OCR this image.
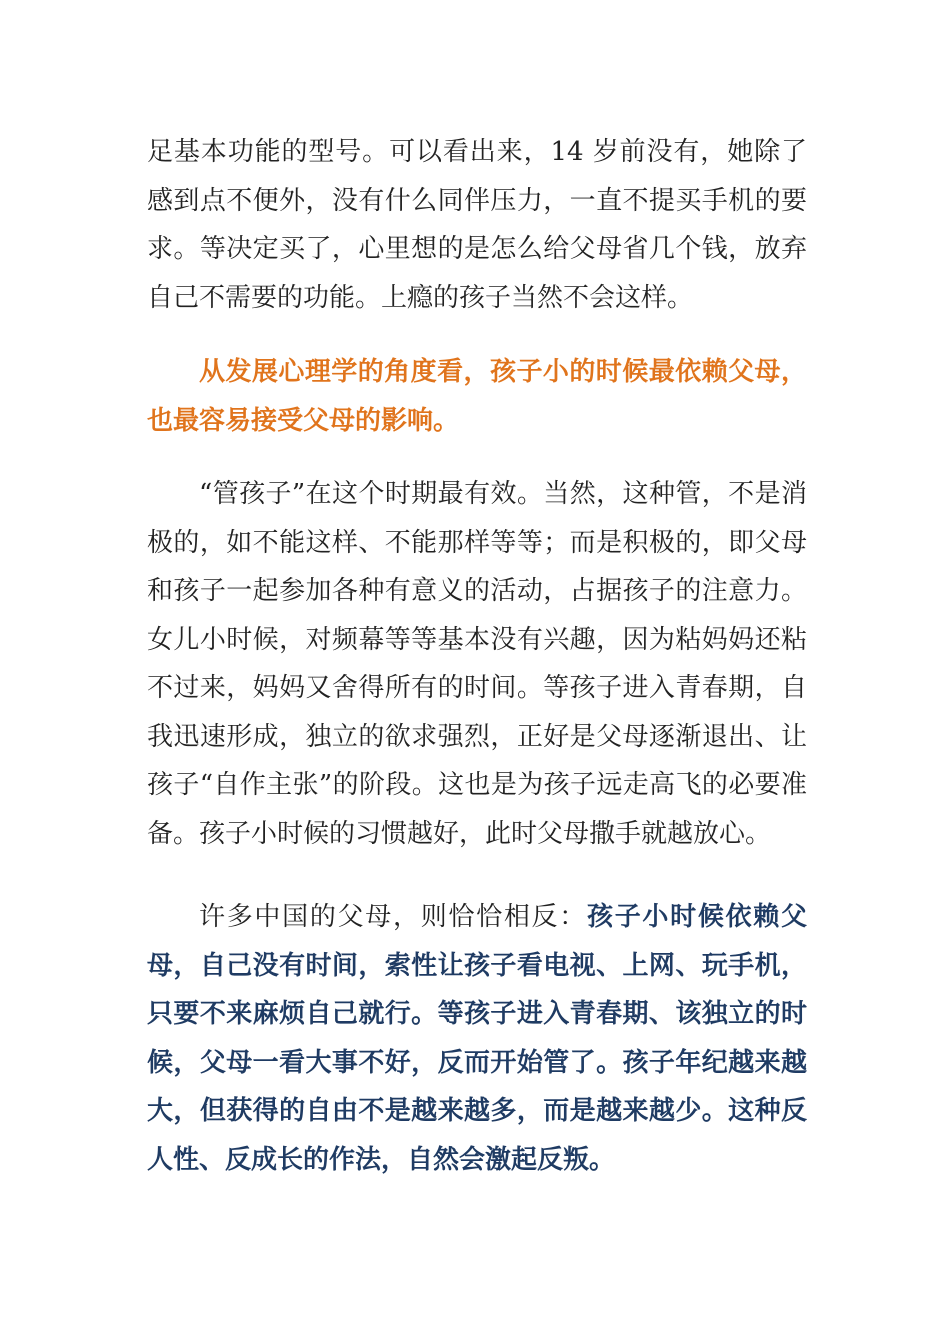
足基本功能的型号。可以看出来，14 岁前没有，她除了感到点不便外，没有什么同伴压力，一直不提买手机的要求。等决定买了，心里想的是怎么给父母省几个钱，放弃自己不需要的功能。上瘾的孩子当然不会这样。

从发展心理学的角度看，孩子小的时候最依赖父母，也最容易接受父母的影响。

“管孩子”在这个时期最有效。当然，这种管，不是消极的，如不能这样、不能那样等等；而是积极的，即父母和孩子一起参加各种有意义的活动，占据孩子的注意力。女儿小时候，对频幕等等基本没有兴趣，因为粘妈妈还粘不过来，妈妈又舍得所有的时间。等孩子进入青春期，自我迅速形成，独立的欲求强烈，正好是父母逐渐退出、让孩子“自作主张”的阶段。这也是为孩子远走高飞的必要准备。孩子小时候的习惯越好，此时父母撒手就越放心。

许多中国的父母，则恰恰相反：孩子小时候依赖父母，自己没有时间，索性让孩子看电视、上网、玩手机，只要不来麻烦自己就行。等孩子进入青春期、该独立的时候，父母一看大事不好，反而开始管了。孩子年纪越来越大，但获得的自由不是越来越多，而是越来越少。这种反人性、反成长的作法，自然会激起反叛。
